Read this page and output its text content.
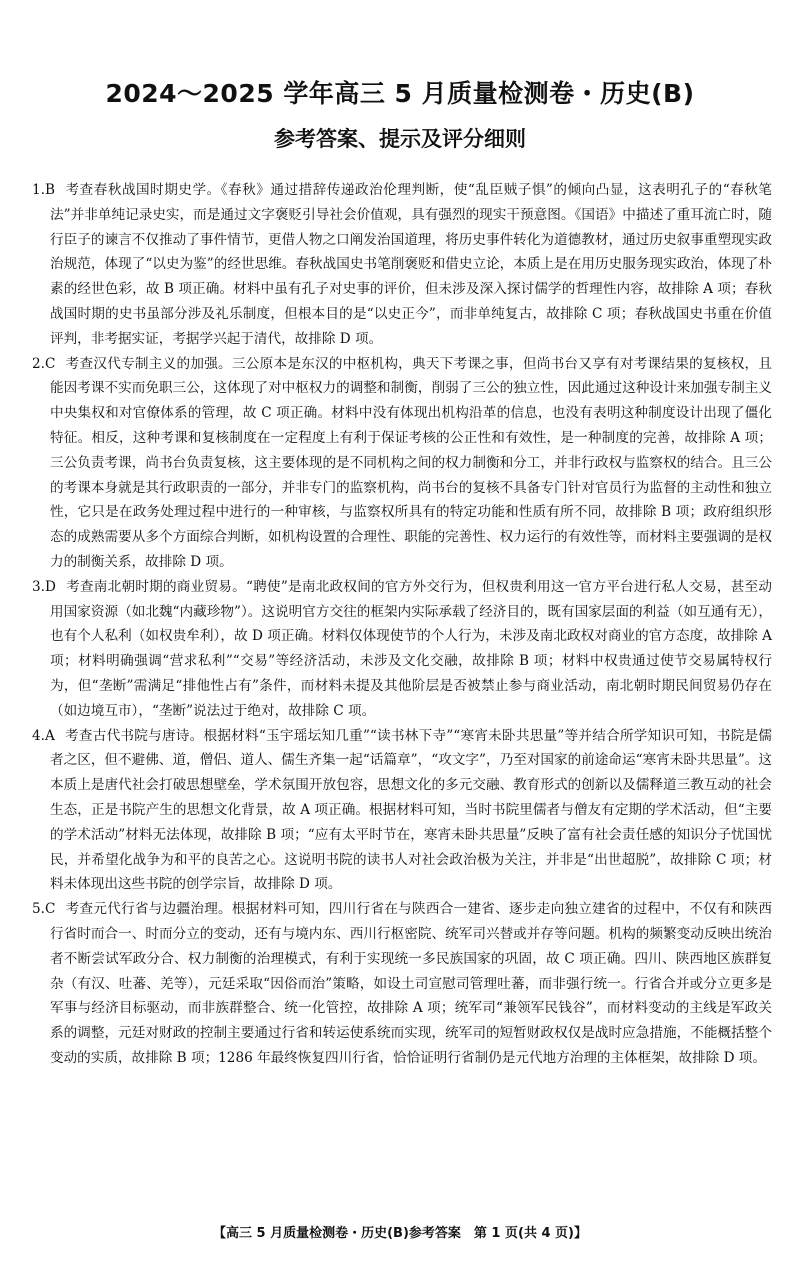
2024～2025 学年高三 5 月质量检测卷・历史(B)
参考答案、提示及评分细则
1.B 考查春秋战国时期史学。《春秋》通过措辞传递政治伦理判断，使“乱臣贼子惧”的倾向凸显，这表明孔子的“春秋笔法”并非单纯记录史实，而是通过文字褒贬引导社会价值观，具有强烈的现实干预意图。《国语》中描述了重耳流亡时，随行臣子的谏言不仅推动了事件情节，更借人物之口阐发治国道理，将历史事件转化为道德教材，通过历史叙事重塑现实政治规范，体现了“以史为鉴”的经世思维。春秋战国史书笔削褒贬和借史立论，本质上是在用历史服务现实政治，体现了朴素的经世色彩，故 B 项正确。材料中虽有孔子对史事的评价，但未涉及深入探讨儒学的哲理性内容，故排除 A 项；春秋战国时期的史书虽部分涉及礼乐制度，但根本目的是“以史正今”，而非单纯复古，故排除 C 项；春秋战国史书重在价值评判，非考据实证，考据学兴起于清代，故排除 D 项。
2.C 考查汉代专制主义的加强。三公原本是东汉的中枢机构，典天下考课之事，但尚书台又享有对考课结果的复核权，且能因考课不实而免职三公，这体现了对中枢权力的调整和制衡，削弱了三公的独立性，因此通过这种设计来加强专制主义中央集权和对官僚体系的管理，故 C 项正确。材料中没有体现出机构沿革的信息，也没有表明这种制度设计出现了僵化特征。相反，这种考课和复核制度在一定程度上有利于保证考核的公正性和有效性，是一种制度的完善，故排除 A 项；三公负责考课，尚书台负责复核，这主要体现的是不同机构之间的权力制衡和分工，并非行政权与监察权的结合。且三公的考课本身就是其行政职责的一部分，并非专门的监察机构，尚书台的复核不具备专门针对官员行为监督的主动性和独立性，它只是在政务处理过程中进行的一种审核，与监察权所具有的特定功能和性质有所不同，故排除 B 项；政府组织形态的成熟需要从多个方面综合判断，如机构设置的合理性、职能的完善性、权力运行的有效性等，而材料主要强调的是权力的制衡关系，故排除 D 项。
3.D 考查南北朝时期的商业贸易。“聘使”是南北政权间的官方外交行为，但权贵利用这一官方平台进行私人交易，甚至动用国家资源（如北魏“内藏珍物”）。这说明官方交往的框架内实际承载了经济目的，既有国家层面的利益（如互通有无），也有个人私利（如权贵牟利），故 D 项正确。材料仅体现使节的个人行为，未涉及南北政权对商业的官方态度，故排除 A 项；材料明确强调“营求私利”“交易”等经济活动，未涉及文化交融，故排除 B 项；材料中权贵通过使节交易属特权行为，但“垄断”需满足“排他性占有”条件，而材料未提及其他阶层是否被禁止参与商业活动，南北朝时期民间贸易仍存在（如边境互市），“垄断”说法过于绝对，故排除 C 项。
4.A 考查古代书院与唐诗。根据材料“玉宇瑶坛知几重”“读书林下寺”“寒宵未卧共思量”等并结合所学知识可知，书院是儒者之区，但不避佛、道，僧侣、道人、儒生齐集一起“话篇章”，“攻文字”，乃至对国家的前途命运“寒宵未卧共思量”。这本质上是唐代社会打破思想壁垒，学术氛围开放包容，思想文化的多元交融、教育形式的创新以及儒释道三教互动的社会生态，正是书院产生的思想文化背景，故 A 项正确。根据材料可知，当时书院里儒者与僧友有定期的学术活动，但“主要的学术活动”材料无法体现，故排除 B 项；“应有太平时节在，寒宵未卧共思量”反映了富有社会责任感的知识分子忧国忧民，并希望化战争为和平的良苦之心。这说明书院的读书人对社会政治极为关注，并非是“出世超脱”，故排除 C 项；材料未体现出这些书院的创学宗旨，故排除 D 项。
5.C 考查元代行省与边疆治理。根据材料可知，四川行省在与陕西合一建省、逐步走向独立建省的过程中，不仅有和陕西行省时而合一、时而分立的变动，还有与境内东、西川行枢密院、统军司兴替或并存等问题。机构的频繁变动反映出统治者不断尝试军政分合、权力制衡的治理模式，有利于实现统一多民族国家的巩固，故 C 项正确。四川、陕西地区族群复杂（有汉、吐蕃、羌等），元廷采取“因俗而治”策略，如设土司宣慰司管理吐蕃，而非强行统一。行省合并或分立更多是军事与经济目标驱动，而非族群整合、统一化管控，故排除 A 项；统军司“兼领军民钱谷”，而材料变动的主线是军政关系的调整，元廷对财政的控制主要通过行省和转运使系统而实现，统军司的短暂财政权仅是战时应急措施，不能概括整个变动的实质，故排除 B 项；1286 年最终恢复四川行省，恰恰证明行省制仍是元代地方治理的主体框架，故排除 D 项。
【高三 5 月质量检测卷・历史(B)参考答案　第 1 页(共 4 页)】
